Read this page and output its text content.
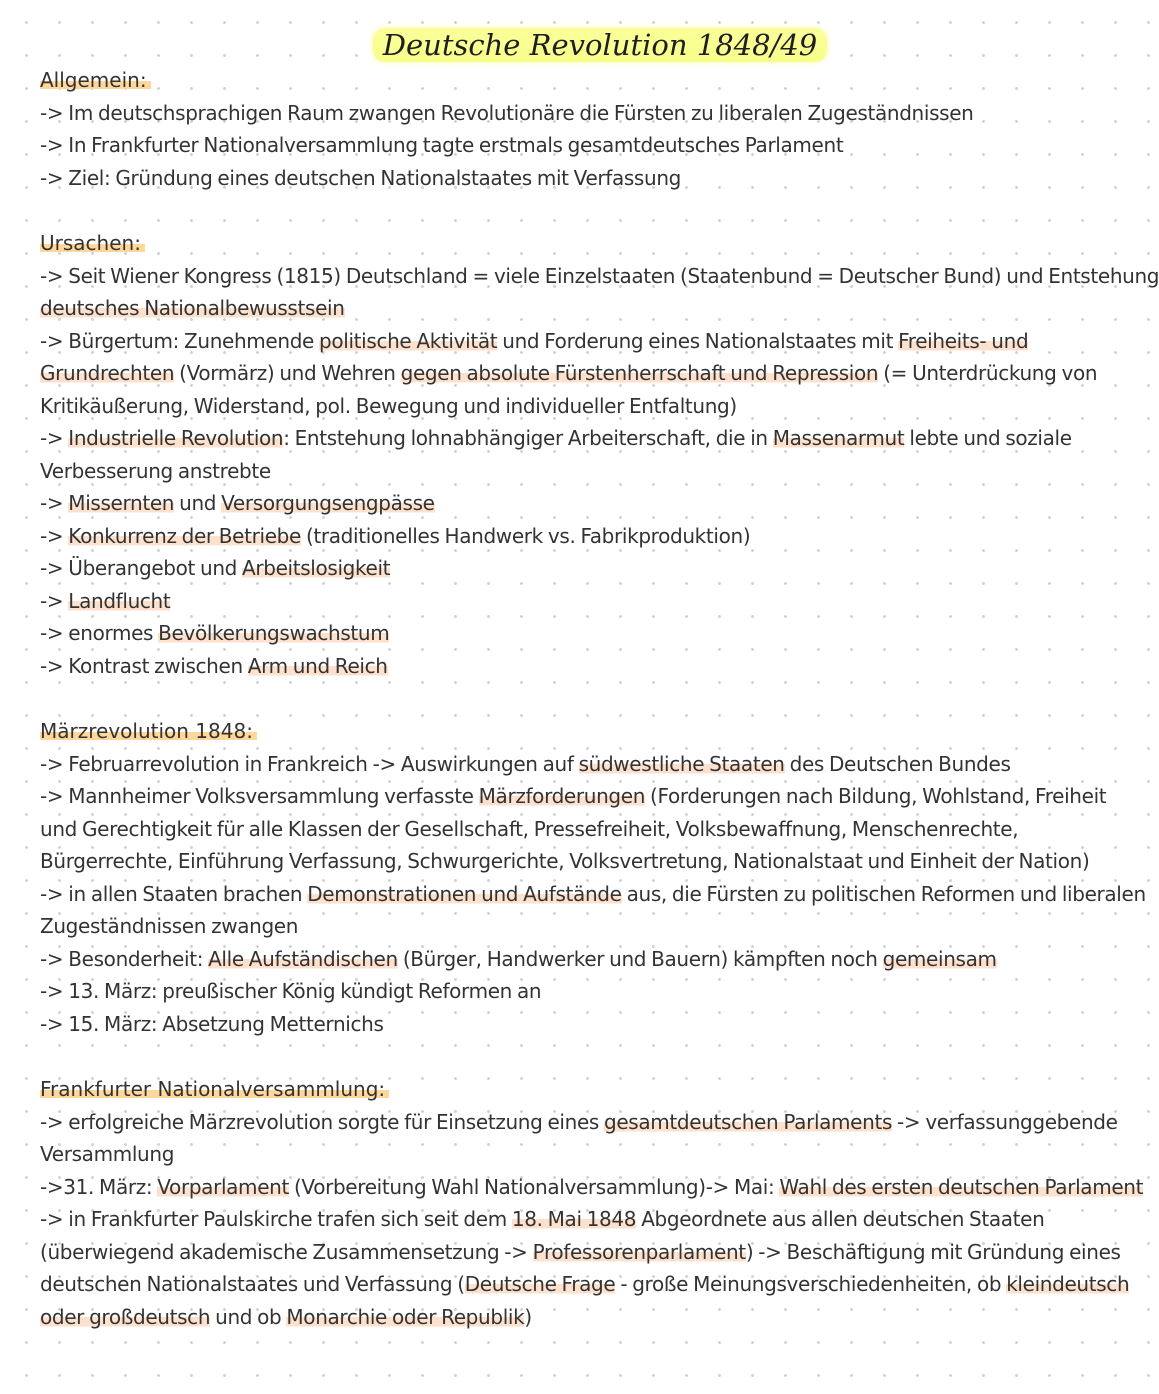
Deutsche Revolution 1848/49
Allgemein:
-> Im deutschsprachigen Raum zwangen Revolutionäre die Fürsten zu liberalen Zugeständnissen
-> In Frankfurter Nationalversammlung tagte erstmals gesamtdeutsches Parlament
-> Ziel: Gründung eines deutschen Nationalstaates mit Verfassung
Ursachen:
-> Seit Wiener Kongress (1815) Deutschland = viele Einzelstaaten (Staatenbund = Deutscher Bund) und Entstehung
deutsches Nationalbewusstsein
-> Bürgertum: Zunehmende politische Aktivität und Forderung eines Nationalstaates mit Freiheits- und
Grundrechten (Vormärz) und Wehren gegen absolute Fürstenherrschaft und Repression (= Unterdrückung von
Kritikäußerung, Widerstand, pol. Bewegung und individueller Entfaltung)
-> Industrielle Revolution: Entstehung lohnabhängiger Arbeiterschaft, die in Massenarmut lebte und soziale
Verbesserung anstrebte
-> Missernten und Versorgungsengpässe
-> Konkurrenz der Betriebe (traditionelles Handwerk vs. Fabrikproduktion)
-> Überangebot und Arbeitslosigkeit
-> Landflucht
-> enormes Bevölkerungswachstum
-> Kontrast zwischen Arm und Reich
Märzrevolution 1848:
-> Februarrevolution in Frankreich -> Auswirkungen auf südwestliche Staaten des Deutschen Bundes
-> Mannheimer Volksversammlung verfasste Märzforderungen (Forderungen nach Bildung, Wohlstand, Freiheit
und Gerechtigkeit für alle Klassen der Gesellschaft, Pressefreiheit, Volksbewaffnung, Menschenrechte,
Bürgerrechte, Einführung Verfassung, Schwurgerichte, Volksvertretung, Nationalstaat und Einheit der Nation)
-> in allen Staaten brachen Demonstrationen und Aufstände aus, die Fürsten zu politischen Reformen und liberalen
Zugeständnissen zwangen
-> Besonderheit: Alle Aufständischen (Bürger, Handwerker und Bauern) kämpften noch gemeinsam
-> 13. März: preußischer König kündigt Reformen an
-> 15. März: Absetzung Metternichs
Frankfurter Nationalversammlung:
-> erfolgreiche Märzrevolution sorgte für Einsetzung eines gesamtdeutschen Parlaments -> verfassunggebende
Versammlung
->31. März: Vorparlament (Vorbereitung Wahl Nationalversammlung)-> Mai: Wahl des ersten deutschen Parlament
-> in Frankfurter Paulskirche trafen sich seit dem 18. Mai 1848 Abgeordnete aus allen deutschen Staaten
(überwiegend akademische Zusammensetzung -> Professorenparlament) -> Beschäftigung mit Gründung eines
deutschen Nationalstaates und Verfassung (Deutsche Frage - große Meinungsverschiedenheiten, ob kleindeutsch
oder großdeutsch und ob Monarchie oder Republik)
